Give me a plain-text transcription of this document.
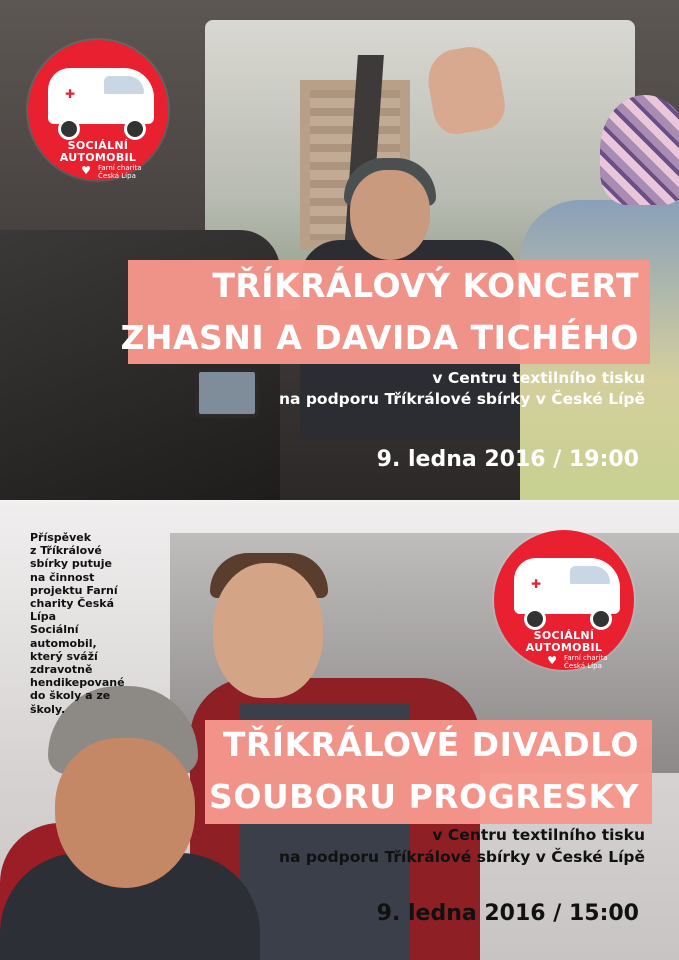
✚
SOCIÁLNÍ
AUTOMOBIL
♥ Farní charita
Česká Lípa
TŘÍKRÁLOVÝ KONCERT
ZHASNI A DAVIDA TICHÉHO
v Centru textilního tisku
na podporu Tříkrálové sbírky v České Lípě
9. ledna 2016 / 19:00
✚
SOCIÁLNÍ
AUTOMOBIL
♥ Farní charita
Česká Lípa
TŘÍKRÁLOVÉ DIVADLO
SOUBORU PROGRESKY
v Centru textilního tisku
na podporu Tříkrálové sbírky v České Lípě
9. ledna 2016 / 15:00
Příspěvek
z Tříkrálové
sbírky putuje
na činnost
projektu Farní
charity Česká
Lípa
Sociální
automobil,
který sváží
zdravotně
hendikepované
do školy a ze
školy.
